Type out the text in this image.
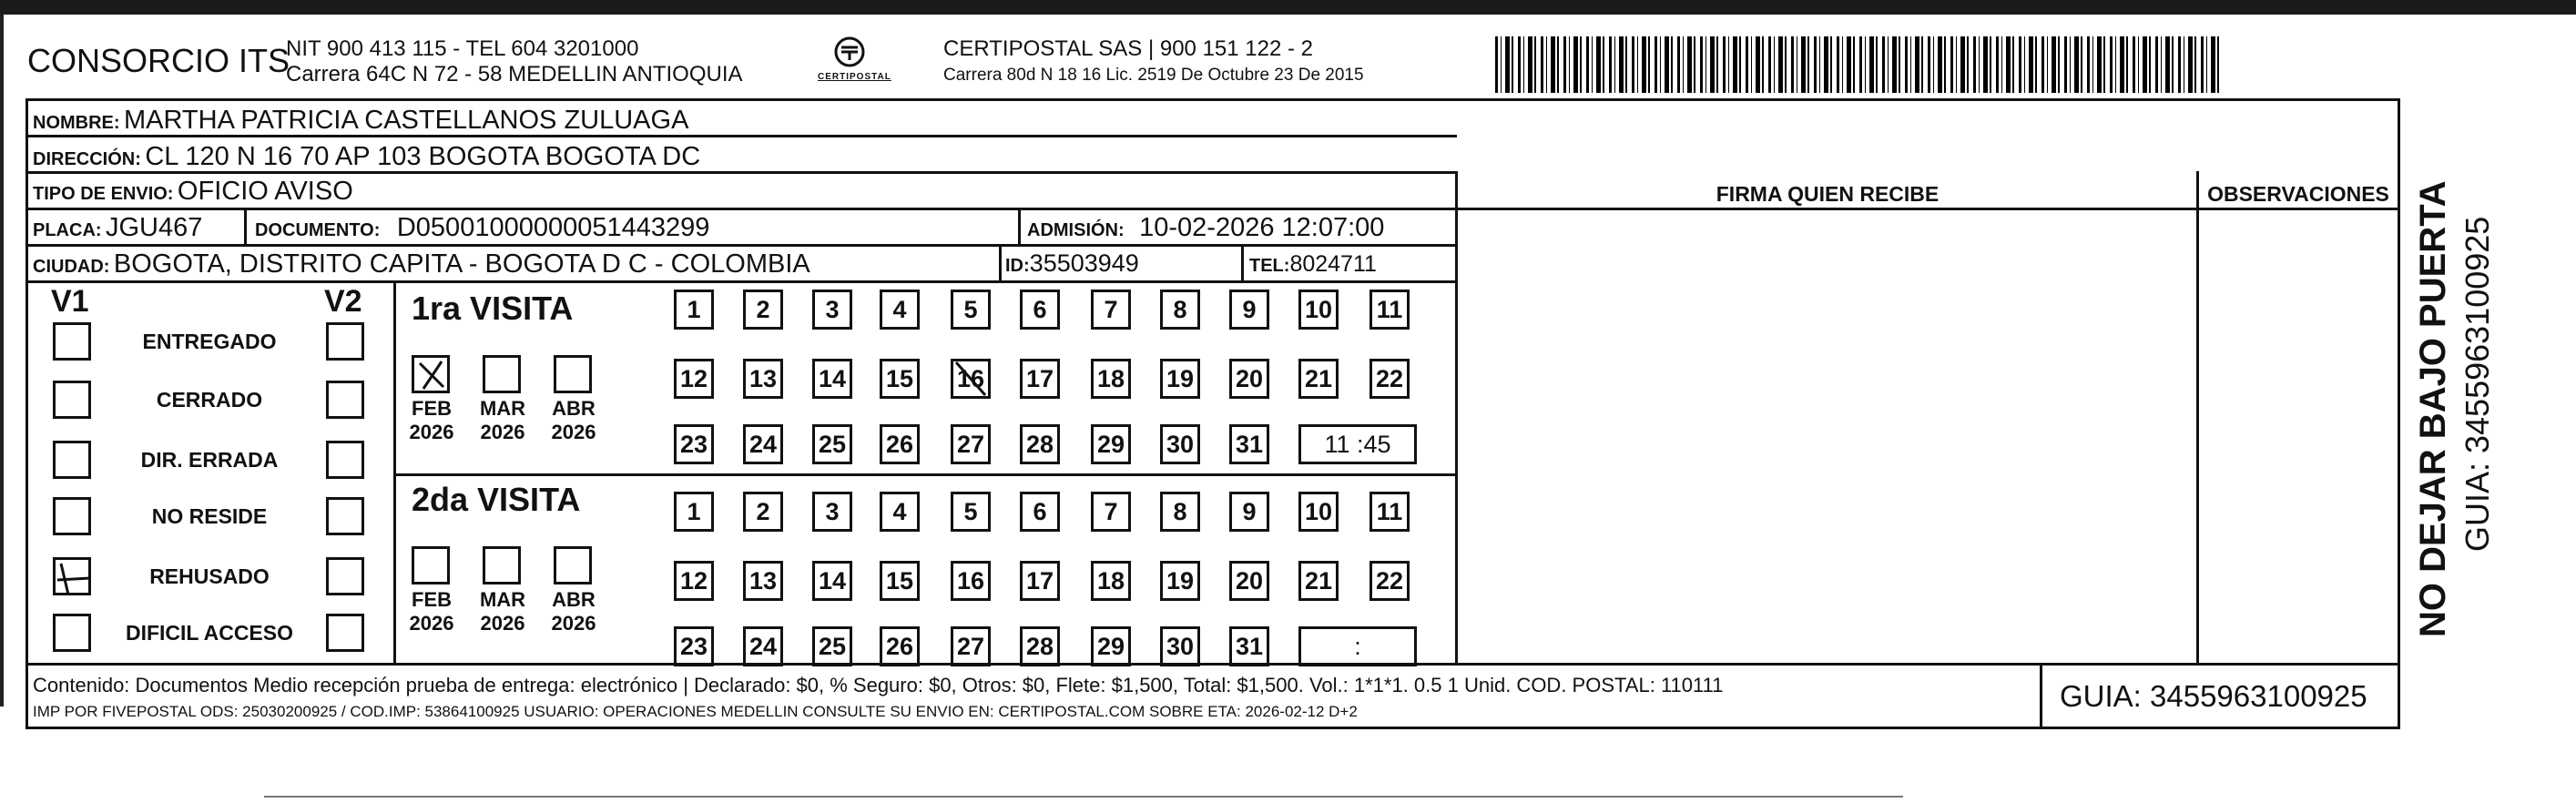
CONSORCIO ITS
NIT 900 413 115 - TEL 604 3201000
Carrera 64C N 72 - 58 MEDELLIN ANTIOQUIA	CERTIPOSTAL
CERTIPOSTAL SAS | 900 151 122 - 2
Carrera 80d N 18 16 Lic. 2519 De Octubre 23 De 2015
NOMBRE: MARTHA PATRICIA CASTELLANOS ZULUAGA
DIRECCIÓN: CL 120 N 16 70 AP 103 BOGOTA BOGOTA DC
TIPO DE ENVIO: OFICIO AVISO
PLACA: JGU467	DOCUMENTO: D05001000000051443299	ADMISIÓN: 10-02-2026 12:07:00
CIUDAD: BOGOTA, DISTRITO CAPITA - BOGOTA D C - COLOMBIA	ID:35503949	TEL:8024711
FIRMA QUIEN RECIBE	OBSERVACIONES
V1	V2 1ra VISITA
2da VISITA
Contenido: Documentos Medio recepción prueba de entrega: electrónico | Declarado: $0, % Seguro: $0, Otros: $0, Flete: $1,500, Total: $1,500. Vol.: 1*1*1. 0.5 1 Unid. COD. POSTAL: 110111
IMP POR FIVEPOSTAL ODS: 25030200925 / COD.IMP: 53864100925 USUARIO: OPERACIONES MEDELLIN CONSULTE SU ENVIO EN: CERTIPOSTAL.COM SOBRE ETA: 2026-02-12 D+2	GUIA: 3455963100925
NO DEJAR BAJO PUERTA GUIA: 3455963100925
ENTREGADO
CERRADO
DIR. ERRADA
NO RESIDE
REHUSADO
DIFICIL ACCESO
FEB
2026
MAR
2026
ABR
2026
FEB
2026
MAR
2026
ABR
2026
1	2	3	4	5	6	7	8	9	10 11
12 13 14 15 16 17 18 19 20 21 22
23 24 25 26 27 28 29 30 31	11 :45
1	2	3	4	5	6	7	8	9	10 11
12 13 14 15 16 17 18 19 20 21 22
23 24 25 26 27 28 29 30 31	:
